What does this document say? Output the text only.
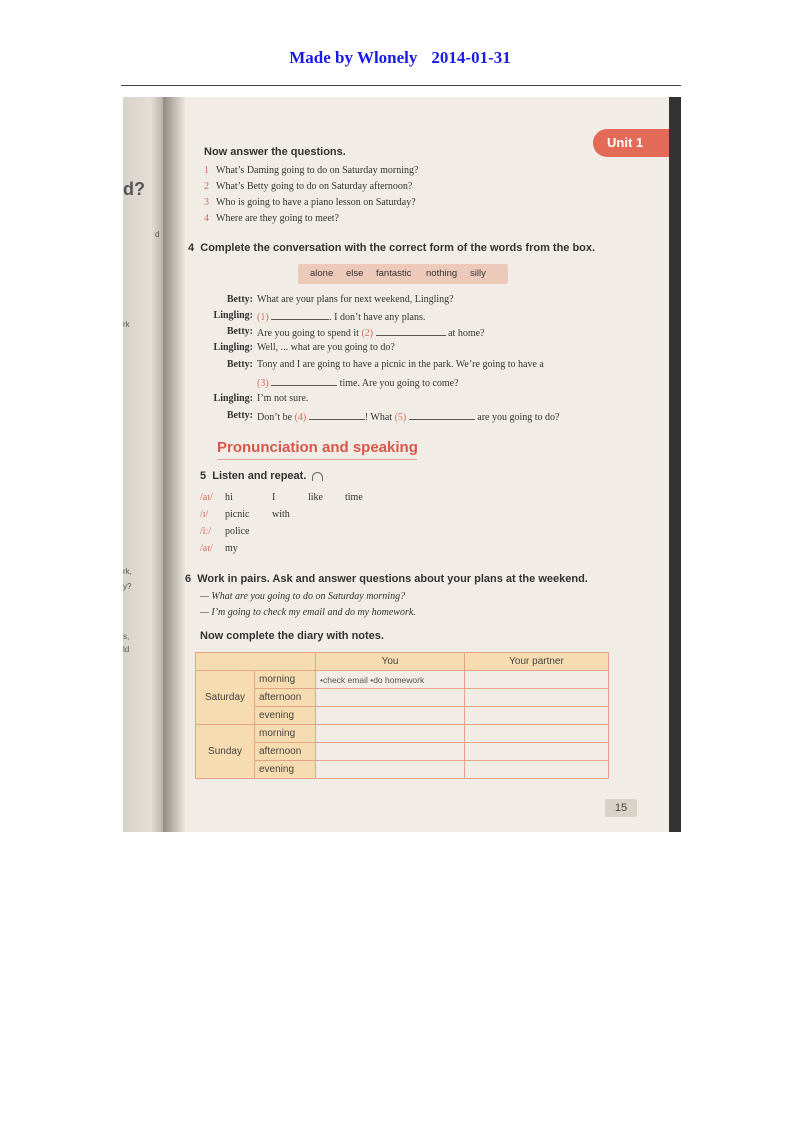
Made by Wlonely 2014-01-31
d?
d
rk
rk,
y?
s,
ld
Unit 1
Now answer the questions.
1 What’s Daming going to do on Saturday morning?
2 What’s Betty going to do on Saturday afternoon?
3 Who is going to have a piano lesson on Saturday?
4 Where are they going to meet?
4 Complete the conversation with the correct form of the words from the box.
alone else fantastic nothing silly
Betty: What are your plans for next weekend, Lingling?
Lingling: (1)	. I don’t have any plans.
Betty: Are you going to spend it (2)	at home?
Lingling: Well, ... what are you going to do?
Betty: Tony and I are going to have a picnic in the park. We’re going to have a
(3)	time. Are you going to come?
Lingling: I’m not sure.
Betty: Don’t be (4)	! What (5)	are you going to do?
Pronunciation and speaking
5 Listen and repeat.
/aɪ/ hi	I	like time
/ɪ/ picnic with
/iː/ police
/aɪ/ my
6 Work in pairs. Ask and answer questions about your plans at the weekend.
— What are you going to do on Saturday morning?
— I’m going to check my email and do my homework.
Now complete the diary with notes.
		You	Your partner
Saturday	morning	•check email •do homework	
	afternoon		
	evening		
Sunday	morning		
	afternoon		
	evening		
15
